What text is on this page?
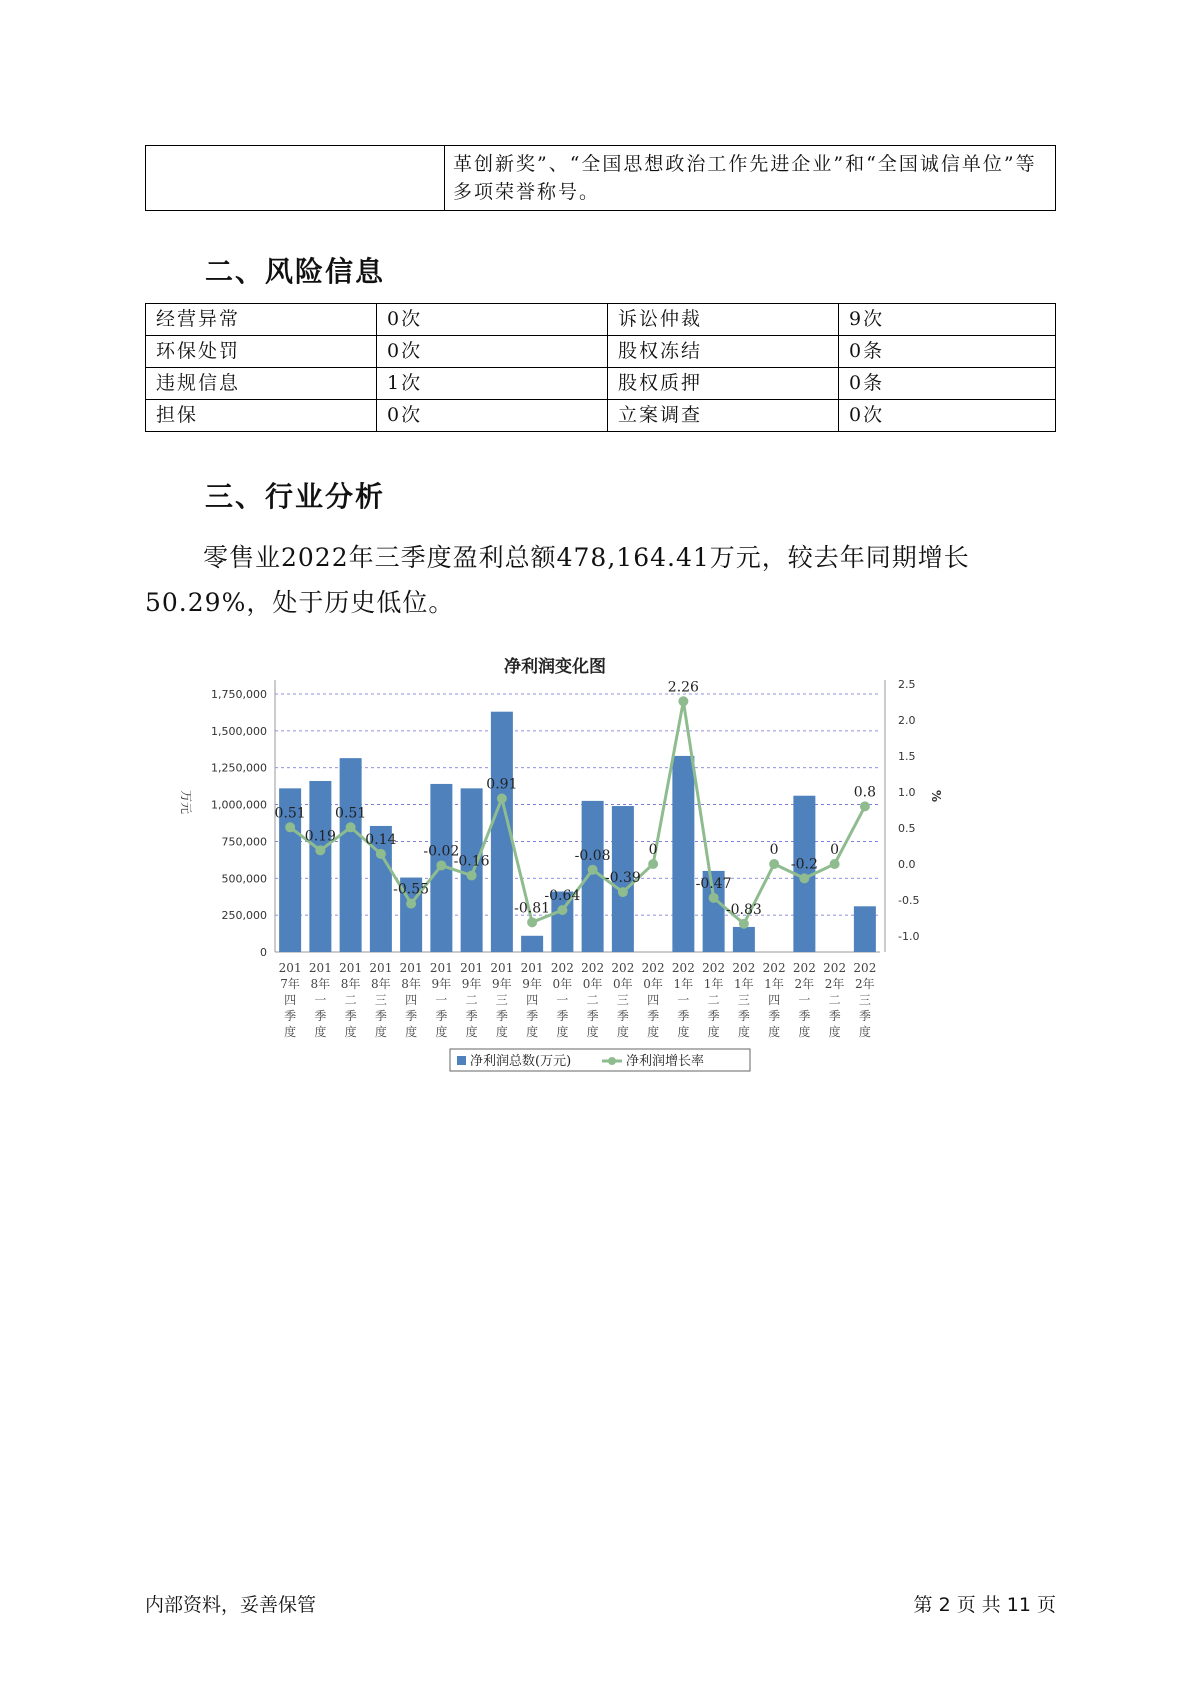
	革创新奖”、“全国思想政治工作先进企业”和“全国诚信单位”等多项荣誉称号。
二、风险信息
经营异常	0次	诉讼仲裁	9次
环保处罚	0次	股权冻结	0条
违规信息	1次	股权质押	0条
担保	0次	立案调查	0次
三、行业分析

零售业2022年三季度盈利总额478,164.41万元，较去年同期增长50.29%，处于历史低位。

净利润变化图
0
250,000
500,000
750,000
1,000,000
1,250,000
1,500,000
1,750,000
-1.0
-0.5
0.0
0.5
1.0
1.5
2.0
2.5
万元	%
0.51
0.19
0.51
0.14
-0.55
-0.02
-0.16
0.91
-0.81
-0.64
-0.08
-0.39
0
2.26
-0.47
-0.83
0
-0.2
0
0.8
201 7年四季度
201 8年一季度
201 8年二季度
201 8年三季度
201 8年四季度
201 9年一季度
201 9年二季度
201 9年三季度
201 9年四季度
202 0年一季度
202 0年二季度
202 0年三季度
202 0年四季度
202 1年一季度
202 1年二季度
202 1年三季度
202 1年四季度
202 2年一季度
202 2年二季度
202 2年三季度
净利润总数(万元)	净利润增长率
内部资料，妥善保管	第 2 页 共 11 页
